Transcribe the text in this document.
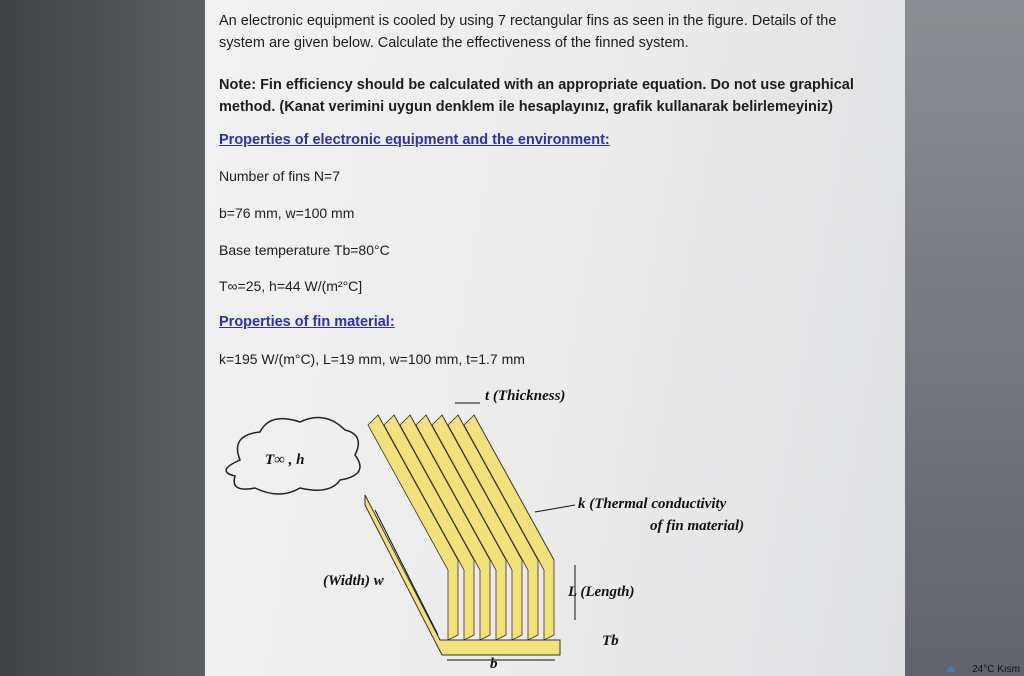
An electronic equipment is cooled by using 7 rectangular fins as seen in the figure. Details of the
system are given below. Calculate the effectiveness of the finned system.
Note: Fin efficiency should be calculated with an appropriate equation. Do not use graphical
method. (Kanat verimini uygun denklem ile hesaplayınız, grafik kullanarak belirlemeyiniz)
Properties of electronic equipment and the environment:
Number of fins N=7
b=76 mm, w=100 mm
Base temperature Tb=80°C
T∞=25, h=44 W/(m²°C]
Properties of fin material:
k=195 W/(m°C), L=19 mm, w=100 mm, t=1.7 mm
T∞ , h
t (Thickness)
k (Thermal conductivity
of fin material)
(Width) w
L (Length)
Tb
b	24°C Kısm
